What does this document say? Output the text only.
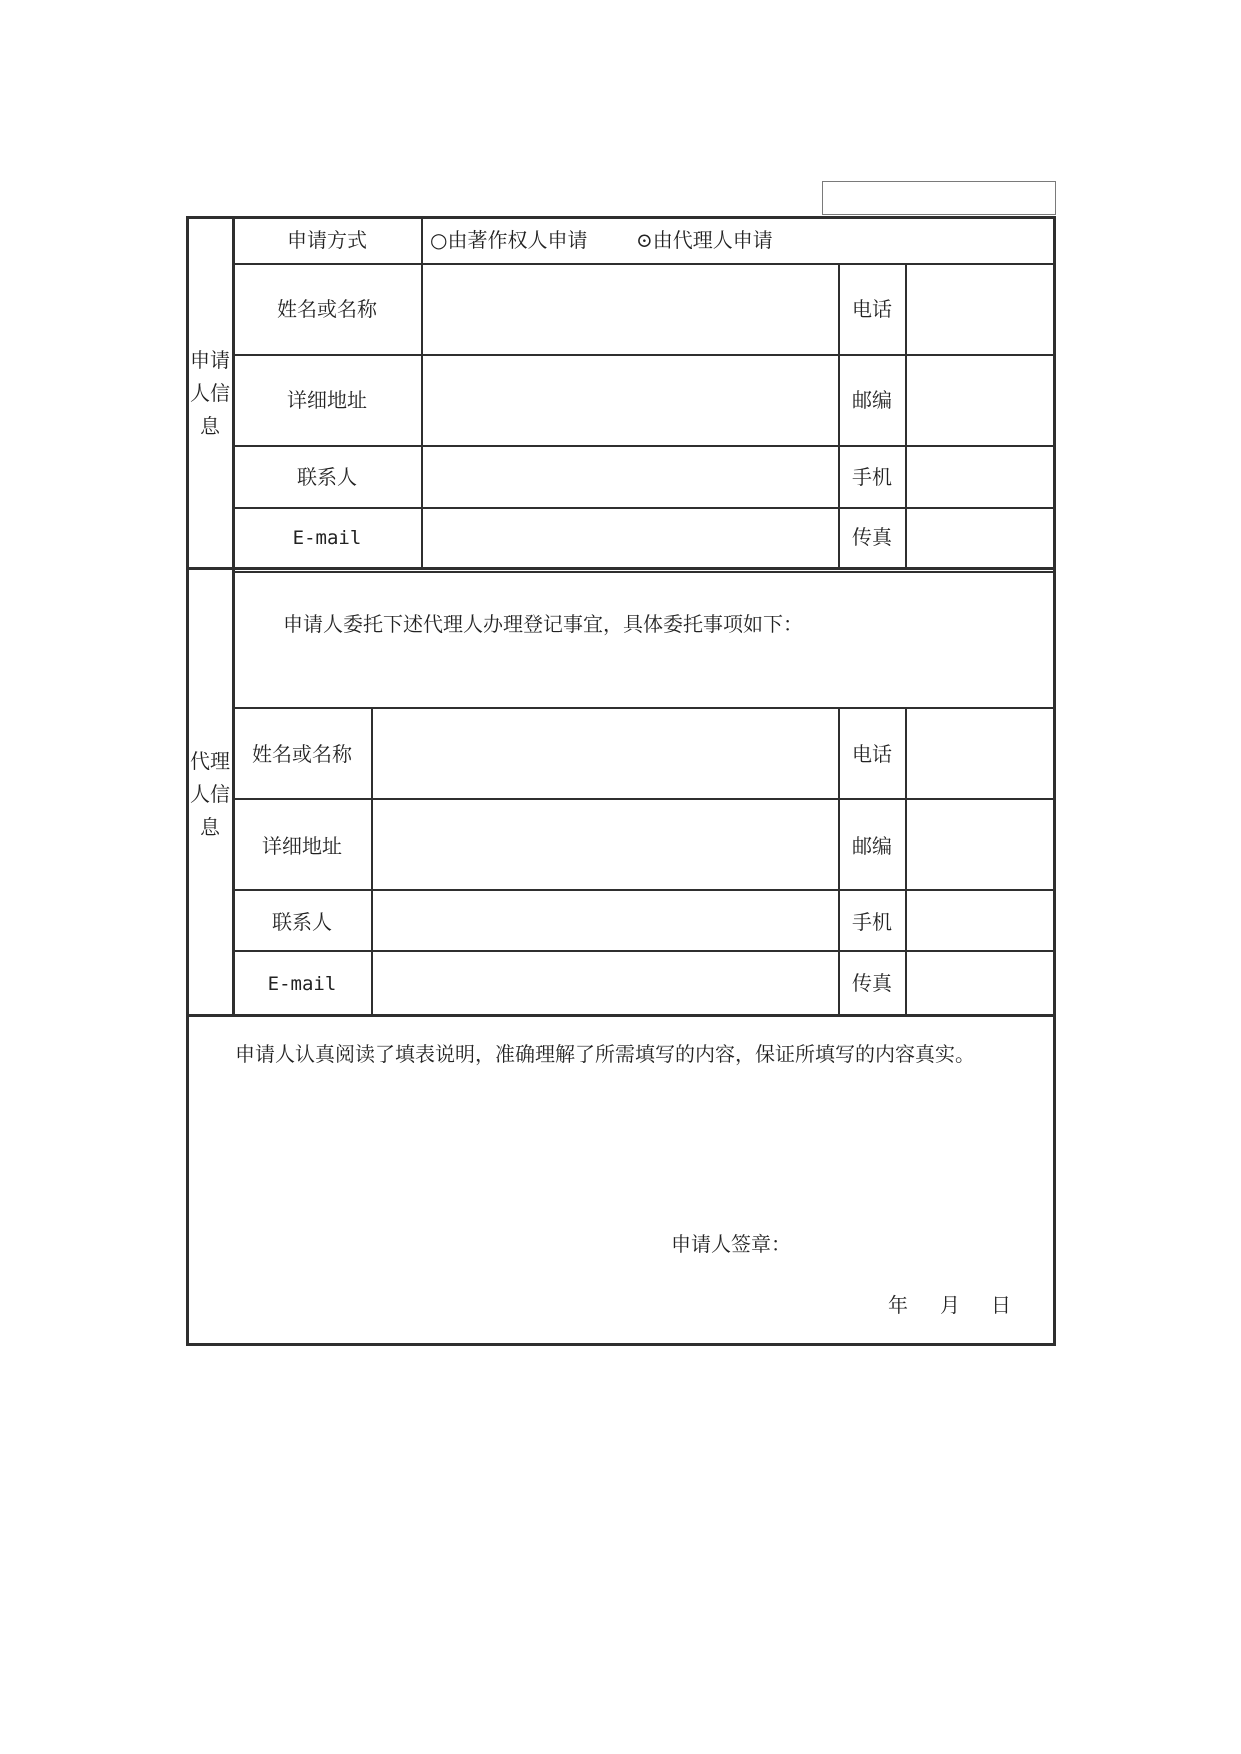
申请人信息
申请方式	○由著作权人申请 ⊙由代理人申请
姓名或名称	电话
详细地址	邮编
联系人	手机
E-mail	传真
代理人信息
申请人委托下述代理人办理登记事宜，具体委托事项如下：
姓名或名称	电话
详细地址	邮编
联系人	手机
E-mail	传真
申请人认真阅读了填表说明，准确理解了所需填写的内容，保证所填写的内容真实。
申请人签章：
年 月 日
